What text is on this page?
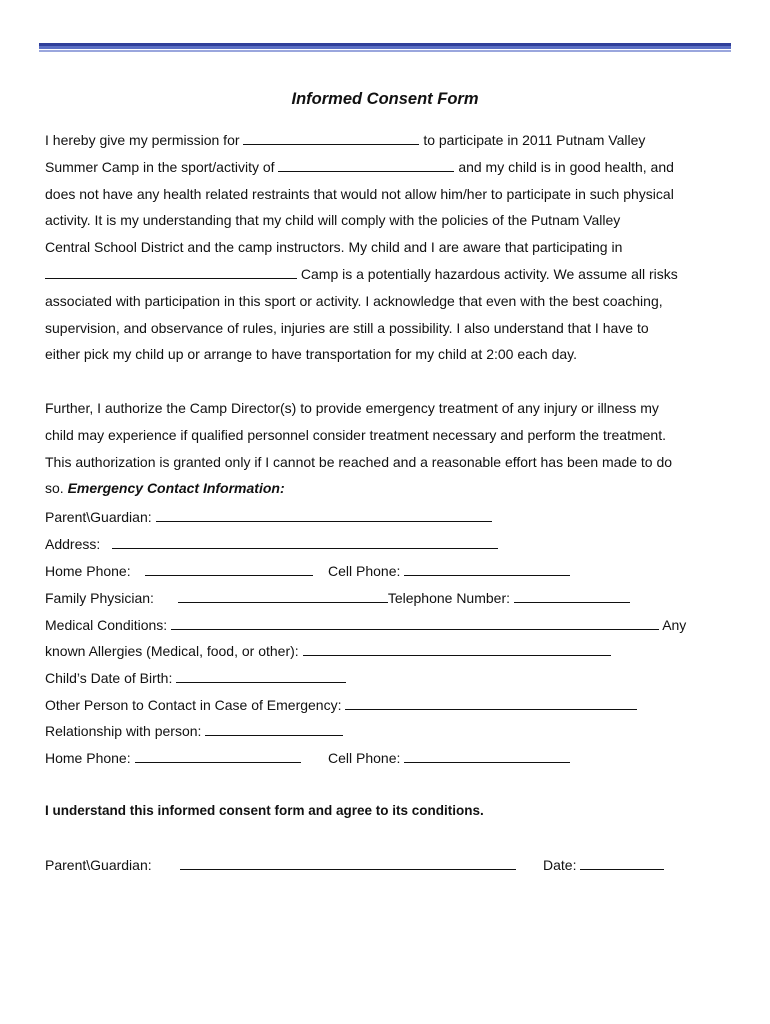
Informed Consent Form
I hereby give my permission for	to participate in 2011 Putnam Valley
Summer Camp in the sport/activity of	and my child is in good health, and
does not have any health related restraints that would not allow him/her to participate in such physical
activity. It is my understanding that my child will comply with the policies of the Putnam Valley
Central School District and the camp instructors. My child and I are aware that participating in
Camp is a potentially hazardous activity. We assume all risks
associated with participation in this sport or activity. I acknowledge that even with the best coaching,
supervision, and observance of rules, injuries are still a possibility. I also understand that I have to
either pick my child up or arrange to have transportation for my child at 2:00 each day.
Further, I authorize the Camp Director(s) to provide emergency treatment of any injury or illness my
child may experience if qualified personnel consider treatment necessary and perform the treatment.
This authorization is granted only if I cannot be reached and a reasonable effort has been made to do
so. Emergency Contact Information:
Parent\Guardian:
Address:
Home Phone:	Cell Phone:
Family Physician:	Telephone Number:
Medical Conditions:	Any
known Allergies (Medical, food, or other):
Child’s Date of Birth:
Other Person to Contact in Case of Emergency:
Relationship with person:
Home Phone:	Cell Phone:
I understand this informed consent form and agree to its conditions.
Parent\Guardian:	Date:
